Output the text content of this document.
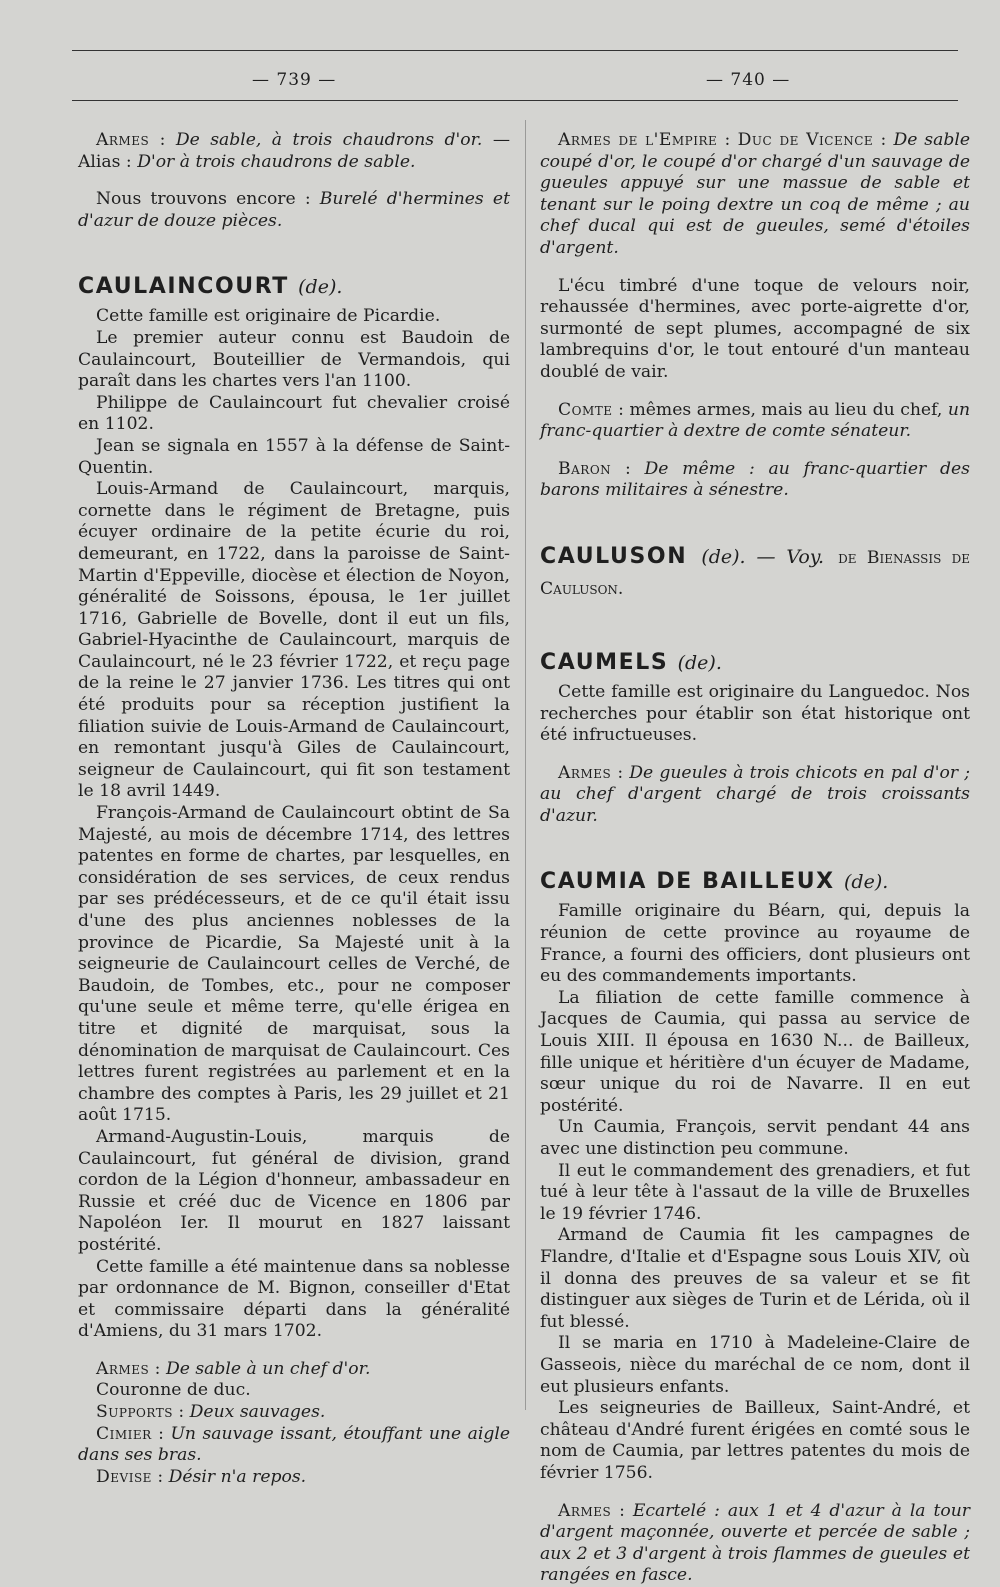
— 739 —	— 740 —

Armes : De sable, à trois chaudrons d'or. — Alias : D'or à trois chaudrons de sable.

Nous trouvons encore : Burelé d'hermines et d'azur de douze pièces.

CAULAINCOURT (de).

Cette famille est originaire de Picardie.

Le premier auteur connu est Baudoin de Caulaincourt, Bouteillier de Vermandois, qui paraît dans les chartes vers l'an 1100.

Philippe de Caulaincourt fut chevalier croisé en 1102.

Jean se signala en 1557 à la défense de Saint-Quentin.

Louis-Armand de Caulaincourt, marquis, cornette dans le régiment de Bretagne, puis écuyer ordinaire de la petite écurie du roi, demeurant, en 1722, dans la paroisse de Saint-Martin d'Eppeville, diocèse et élection de Noyon, généralité de Soissons, épousa, le 1er juillet 1716, Gabrielle de Bovelle, dont il eut un fils, Gabriel-Hyacinthe de Caulaincourt, marquis de Caulaincourt, né le 23 février 1722, et reçu page de la reine le 27 janvier 1736. Les titres qui ont été produits pour sa réception justifient la filiation suivie de Louis-Armand de Caulaincourt, en remontant jusqu'à Giles de Caulaincourt, seigneur de Caulaincourt, qui fit son testament le 18 avril 1449.

François-Armand de Caulaincourt obtint de Sa Majesté, au mois de décembre 1714, des lettres patentes en forme de chartes, par lesquelles, en considération de ses services, de ceux rendus par ses prédécesseurs, et de ce qu'il était issu d'une des plus anciennes noblesses de la province de Picardie, Sa Majesté unit à la seigneurie de Caulaincourt celles de Verché, de Baudoin, de Tombes, etc., pour ne composer qu'une seule et même terre, qu'elle érigea en titre et dignité de marquisat, sous la dénomination de marquisat de Caulaincourt. Ces lettres furent registrées au parlement et en la chambre des comptes à Paris, les 29 juillet et 21 août 1715.

Armand-Augustin-Louis, marquis de Caulaincourt, fut général de division, grand cordon de la Légion d'honneur, ambassadeur en Russie et créé duc de Vicence en 1806 par Napoléon Ier. Il mourut en 1827 laissant postérité.

Cette famille a été maintenue dans sa noblesse par ordonnance de M. Bignon, conseiller d'Etat et commissaire départi dans la généralité d'Amiens, du 31 mars 1702.

Armes : De sable à un chef d'or.

Couronne de duc.

Supports : Deux sauvages.

Cimier : Un sauvage issant, étouffant une aigle dans ses bras.

Devise : Désir n'a repos.

Armes de l'Empire : Duc de Vicence : De sable coupé d'or, le coupé d'or chargé d'un sauvage de gueules appuyé sur une massue de sable et tenant sur le poing dextre un coq de même ; au chef ducal qui est de gueules, semé d'étoiles d'argent.

L'écu timbré d'une toque de velours noir, rehaussée d'hermines, avec porte-aigrette d'or, surmonté de sept plumes, accompagné de six lambrequins d'or, le tout entouré d'un manteau doublé de vair.

Comte : mêmes armes, mais au lieu du chef, un franc-quartier à dextre de comte sénateur.

Baron : De même : au franc-quartier des barons militaires à sénestre.

CAULUSON (de). — Voy. de Bienassis de Cauluson.
CAUMELS (de).

Cette famille est originaire du Languedoc. Nos recherches pour établir son état historique ont été infructueuses.

Armes : De gueules à trois chicots en pal d'or ; au chef d'argent chargé de trois croissants d'azur.

CAUMIA DE BAILLEUX (de).

Famille originaire du Béarn, qui, depuis la réunion de cette province au royaume de France, a fourni des officiers, dont plusieurs ont eu des commandements importants.

La filiation de cette famille commence à Jacques de Caumia, qui passa au service de Louis XIII. Il épousa en 1630 N... de Bailleux, fille unique et héritière d'un écuyer de Madame, sœur unique du roi de Navarre. Il en eut postérité.

Un Caumia, François, servit pendant 44 ans avec une distinction peu commune.

Il eut le commandement des grenadiers, et fut tué à leur tête à l'assaut de la ville de Bruxelles le 19 février 1746.

Armand de Caumia fit les campagnes de Flandre, d'Italie et d'Espagne sous Louis XIV, où il donna des preuves de sa valeur et se fit distinguer aux sièges de Turin et de Lérida, où il fut blessé.

Il se maria en 1710 à Madeleine-Claire de Gasseois, nièce du maréchal de ce nom, dont il eut plusieurs enfants.

Les seigneuries de Bailleux, Saint-André, et château d'André furent érigées en comté sous le nom de Caumia, par lettres patentes du mois de février 1756.

Armes : Ecartelé : aux 1 et 4 d'azur à la tour d'argent maçonnée, ouverte et percée de sable ; aux 2 et 3 d'argent à trois flammes de gueules et rangées en fasce.
